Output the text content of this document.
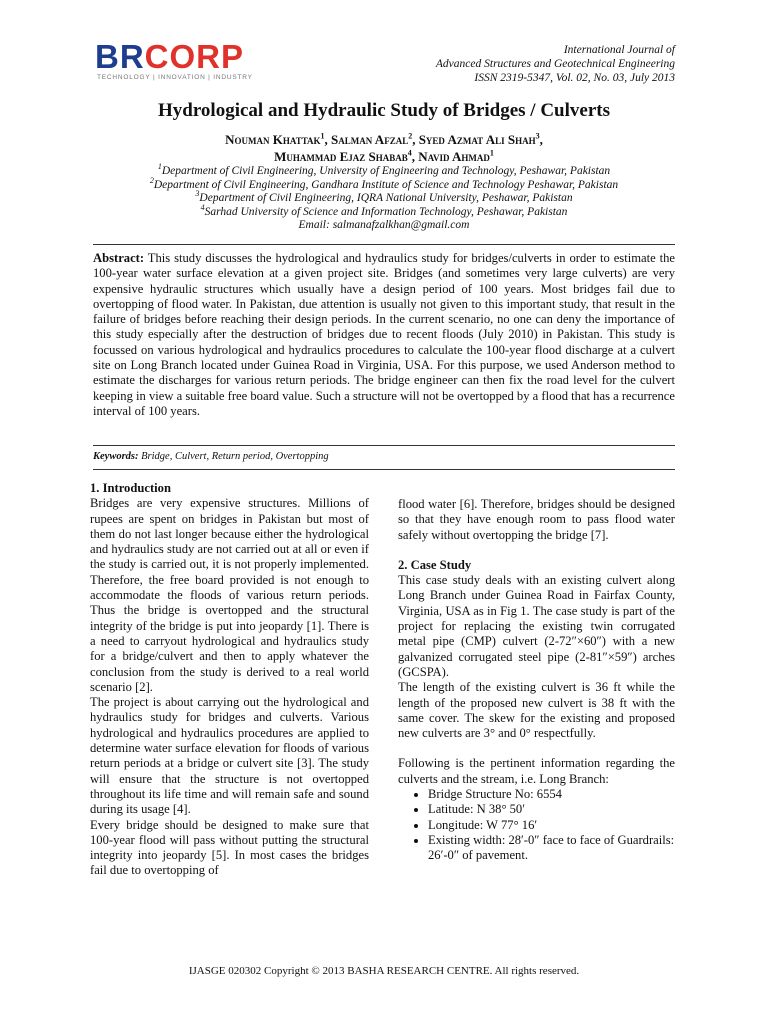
BRCORP
TECHNOLOGY | INNOVATION | INDUSTRY
International Journal of
Advanced Structures and Geotechnical Engineering
ISSN 2319-5347, Vol. 02, No. 03, July 2013
Hydrological and Hydraulic Study of Bridges / Culverts
Nouman Khattak$^1$, Salman Afzal$^2$, Syed Azmat Ali Shah$^3$,
Muhammad Ejaz Shabab$^4$, Navid Ahmad$^1$
$^1$Department of Civil Engineering, University of Engineering and Technology, Peshawar, Pakistan
$^2$Department of Civil Engineering, Gandhara Institute of Science and Technology Peshawar, Pakistan
$^3$Department of Civil Engineering, IQRA National University, Peshawar, Pakistan
$^4$Sarhad University of Science and Information Technology, Peshawar, Pakistan
Email: salmanafzalkhan@gmail.com

Abstract: This study discusses the hydrological and hydraulics study for bridges/culverts in order to estimate the 100-year water surface elevation at a given project site. Bridges (and sometimes very large culverts) are very expensive hydraulic structures which usually have a design period of 100 years. Most bridges fail due to overtopping of flood water. In Pakistan, due attention is usually not given to this important study, that result in the failure of bridges before reaching their design periods. In the current scenario, no one can deny the importance of this study especially after the destruction of bridges due to recent floods (July 2010) in Pakistan. This study is focussed on various hydrological and hydraulics procedures to calculate the 100-year flood discharge at a culvert site on Long Branch located under Guinea Road in Virginia, USA. For this purpose, we used Anderson method to estimate the discharges for various return periods. The bridge engineer can then fix the road level for the culvert keeping in view a suitable free board value. Such a structure will not be overtopped by a flood that has a recurrence interval of 100 years.

Keywords: Bridge, Culvert, Return period, Overtopping

1. Introduction

Bridges are very expensive structures. Millions of rupees are spent on bridges in Pakistan but most of them do not last longer because either the hydrological and hydraulics study are not carried out at all or even if the study is carried out, it is not properly implemented. Therefore, the free board provided is not enough to accommodate the floods of various return periods. Thus the bridge is overtopped and the structural integrity of the bridge is put into jeopardy [1]. There is a need to carryout hydrological and hydraulics study for a bridge/culvert and then to apply whatever the conclusion from the study is derived to a real world scenario [2].

The project is about carrying out the hydrological and hydraulics study for bridges and culverts. Various hydrological and hydraulics procedures are applied to determine water surface elevation for floods of various return periods at a bridge or culvert site [3]. The study will ensure that the structure is not overtopped throughout its life time and will remain safe and sound during its usage [4].

Every bridge should be designed to make sure that 100-year flood will pass without putting the structural integrity into jeopardy [5]. In most cases the bridges fail due to overtopping of

flood water [6]. Therefore, bridges should be designed so that they have enough room to pass flood water safely without overtopping the bridge [7].

2. Case Study

This case study deals with an existing culvert along Long Branch under Guinea Road in Fairfax County, Virginia, USA as in Fig 1. The case study is part of the project for replacing the existing twin corrugated metal pipe (CMP) culvert (2-72″×60″) with a new galvanized corrugated steel pipe (2-81″×59″) arches (GCSPA).

The length of the existing culvert is 36 ft while the length of the proposed new culvert is 38 ft with the same cover. The skew for the existing and proposed new culverts are 3° and 0° respectfully.

Following is the pertinent information regarding the culverts and the stream, i.e. Long Branch:

• Bridge Structure No: 6554
• Latitude: N 38° 50′
• Longitude: W 77° 16′
• Existing width: 28′-0″ face to face of Guardrails: 26′-0″ of pavement.
IJASGE 020302 Copyright © 2013 BASHA RESEARCH CENTRE. All rights reserved.
